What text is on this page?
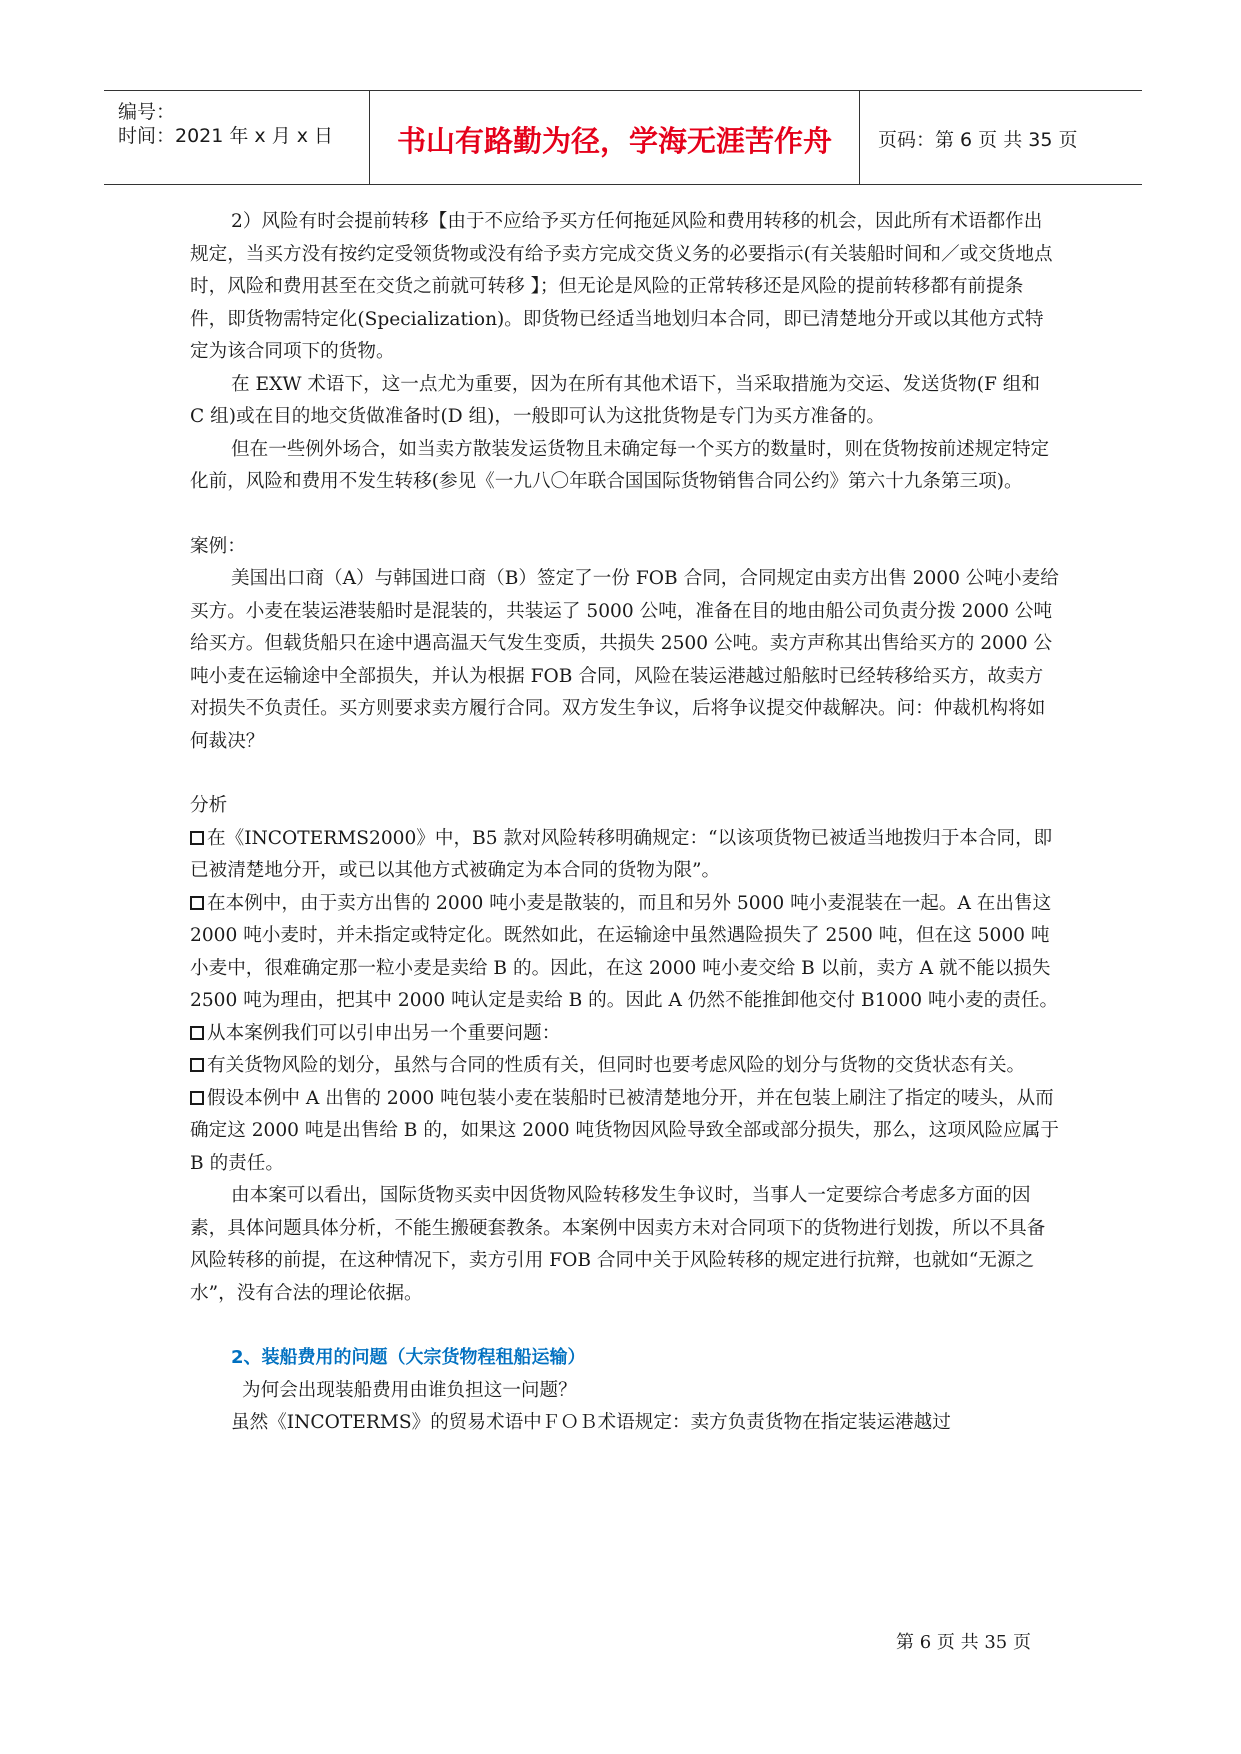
编号：
时间：2021 年 x 月 x 日	书山有路勤为径，学海无涯苦作舟	页码：第 6 页 共 35 页

2）风险有时会提前转移【由于不应给予买方任何拖延风险和费用转移的机会，因此所有术语都作出规定，当买方没有按约定受领货物或没有给予卖方完成交货义务的必要指示(有关装船时间和／或交货地点时，风险和费用甚至在交货之前就可转移 】；但无论是风险的正常转移还是风险的提前转移都有前提条件，即货物需特定化(Specialization)。即货物已经适当地划归本合同，即已清楚地分开或以其他方式特定为该合同项下的货物。

在 EXW 术语下，这一点尤为重要，因为在所有其他术语下，当采取措施为交运、发送货物(F 组和 C 组)或在目的地交货做准备时(D 组)，一般即可认为这批货物是专门为买方准备的。

但在一些例外场合，如当卖方散装发运货物且未确定每一个买方的数量时，则在货物按前述规定特定化前，风险和费用不发生转移(参见《一九八〇年联合国国际货物销售合同公约》第六十九条第三项)。

案例：

美国出口商（A）与韩国进口商（B）签定了一份 FOB 合同，合同规定由卖方出售 2000 公吨小麦给买方。小麦在装运港装船时是混装的，共装运了 5000 公吨，准备在目的地由船公司负责分拨 2000 公吨给买方。但载货船只在途中遇高温天气发生变质，共损失 2500 公吨。卖方声称其出售给买方的 2000 公吨小麦在运输途中全部损失，并认为根据 FOB 合同，风险在装运港越过船舷时已经转移给买方，故卖方对损失不负责任。买方则要求卖方履行合同。双方发生争议，后将争议提交仲裁解决。问：仲裁机构将如何裁决？

分析

在《INCOTERMS2000》中，B5 款对风险转移明确规定：“以该项货物已被适当地拨归于本合同，即已被清楚地分开，或已以其他方式被确定为本合同的货物为限”。

在本例中，由于卖方出售的 2000 吨小麦是散装的，而且和另外 5000 吨小麦混装在一起。A 在出售这 2000 吨小麦时，并未指定或特定化。既然如此，在运输途中虽然遇险损失了 2500 吨，但在这 5000 吨小麦中，很难确定那一粒小麦是卖给 B 的。因此，在这 2000 吨小麦交给 B 以前，卖方 A 就不能以损失 2500 吨为理由，把其中 2000 吨认定是卖给 B 的。因此 A 仍然不能推卸他交付 B1000 吨小麦的责任。

从本案例我们可以引申出另一个重要问题：

有关货物风险的划分，虽然与合同的性质有关，但同时也要考虑风险的划分与货物的交货状态有关。

假设本例中 A 出售的 2000 吨包装小麦在装船时已被清楚地分开，并在包装上刷注了指定的唛头，从而确定这 2000 吨是出售给 B 的，如果这 2000 吨货物因风险导致全部或部分损失，那么，这项风险应属于 B 的责任。

由本案可以看出，国际货物买卖中因货物风险转移发生争议时，当事人一定要综合考虑多方面的因素，具体问题具体分析，不能生搬硬套教条。本案例中因卖方未对合同项下的货物进行划拨，所以不具备风险转移的前提，在这种情况下，卖方引用 FOB 合同中关于风险转移的规定进行抗辩，也就如“无源之水”，没有合法的理论依据。

2、装船费用的问题（大宗货物程租船运输）

为何会出现装船费用由谁负担这一问题？

虽然《INCOTERMS》的贸易术语中ＦＯＢ术语规定：卖方负责货物在指定装运港越过

第 6 页 共 35 页
